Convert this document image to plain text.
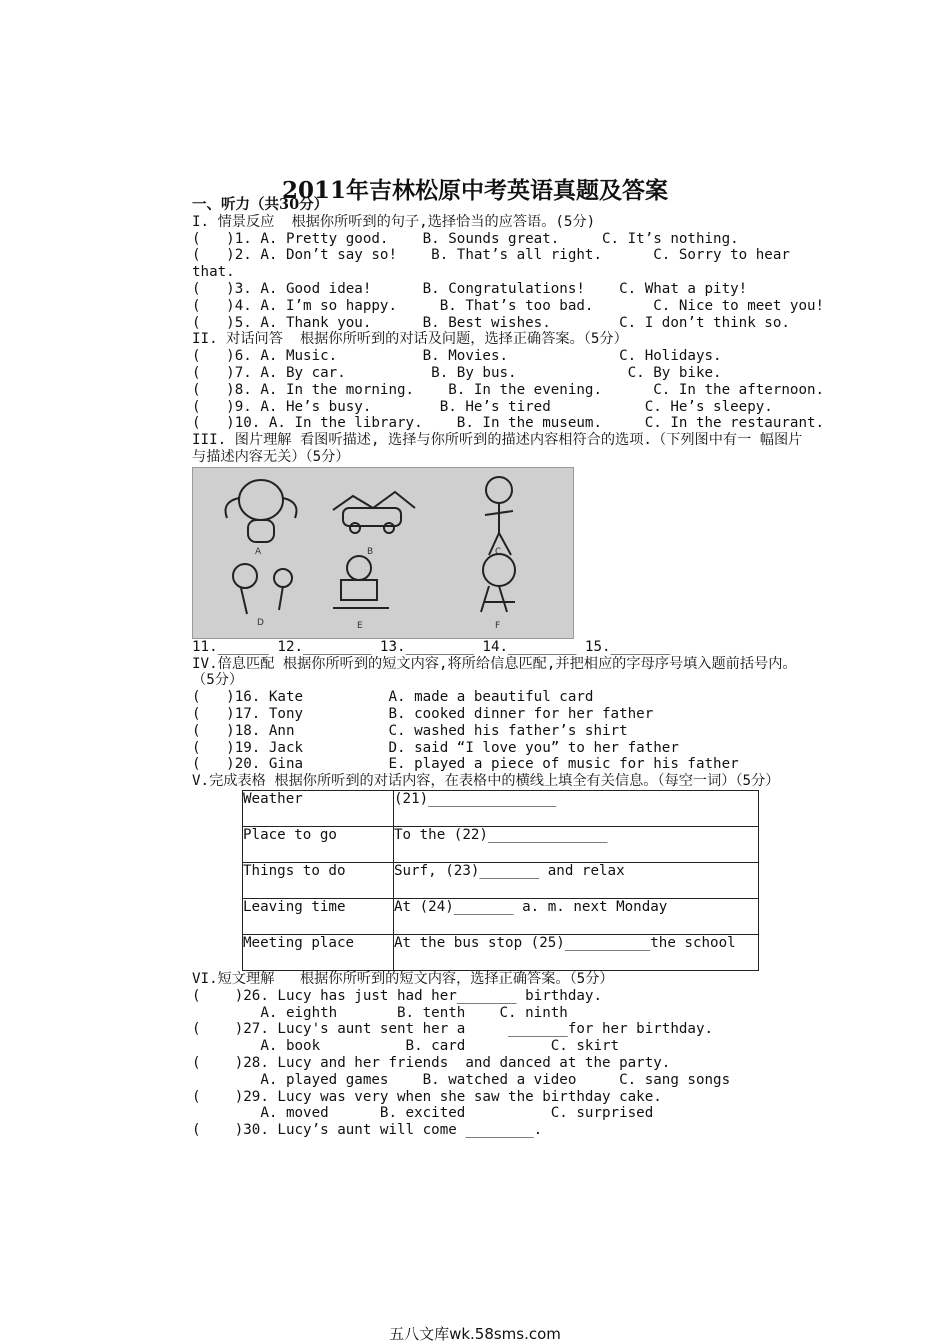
2011年吉林松原中考英语真题及答案
一、听力（共30分）
I. 情景反应  根据你所听到的句子,选择恰当的应答语。(5分)
(   )1. A. Pretty good.    B. Sounds great.     C. It’s nothing.
(   )2. A. Don’t say so!    B. That’s all right.      C. Sorry to hear
that.
(   )3. A. Good idea!      B. Congratulations!    C. What a pity!
(   )4. A. I’m so happy.     B. That’s too bad.       C. Nice to meet you!
(   )5. A. Thank you.      B. Best wishes.        C. I don’t think so.
II. 对话问答  根据你所听到的对话及问题，选择正确答案。（5分）
(   )6. A. Music.          B. Movies.             C. Holidays.
(   )7. A. By car.          B. By bus.             C. By bike.
(   )8. A. In the morning.    B. In the evening.      C. In the afternoon.
(   )9. A. He’s busy.        B. He’s tired           C. He’s sleepy.
(   )10. A. In the library.    B. In the museum.     C. In the restaurant.
III. 图片理解 看图听描述, 选择与你所听到的描述内容相符合的选项.（下列图中有一 幅图片与描述内容无关）（5分）
A	B	C
D	E	F
11.______ 12.________ 13.________ 14.________ 15._______
IV.倍息匹配 根据你所听到的短文内容,将所给信息匹配,并把相应的字母序号填入题前括号内。（5分）
(   )16. Kate          A. made a beautiful card
(   )17. Tony          B. cooked dinner for her father
(   )18. Ann           C. washed his father’s shirt
(   )19. Jack          D. said “I love you” to her father
(   )20. Gina          E. played a piece of music for his father
V.完成表格 根据你所听到的对话内容，在表格中的横线上填全有关信息。（每空一词）（5分）
Weather	(21)_______________
Place to go	To the (22)______________
Things to do	Surf, (23)_______ and relax
Leaving time	At (24)_______ a. m. next Monday
Meeting place	At the bus stop (25)__________the school
VI.短文理解   根据你所听到的短文内容，选择正确答案。（5分）
(    )26. Lucy has just had her_______ birthday.
A. eighth       B. tenth    C. ninth
(    )27. Lucy's aunt sent her a     _______for her birthday.
A. book          B. card          C. skirt
(    )28. Lucy and her friends  and danced at the party.
A. played games    B. watched a video     C. sang songs
(    )29. Lucy was very when she saw the birthday cake.
A. moved      B. excited          C. surprised
(    )30. Lucy’s aunt will come ________.
五八文库wk.58sms.com
